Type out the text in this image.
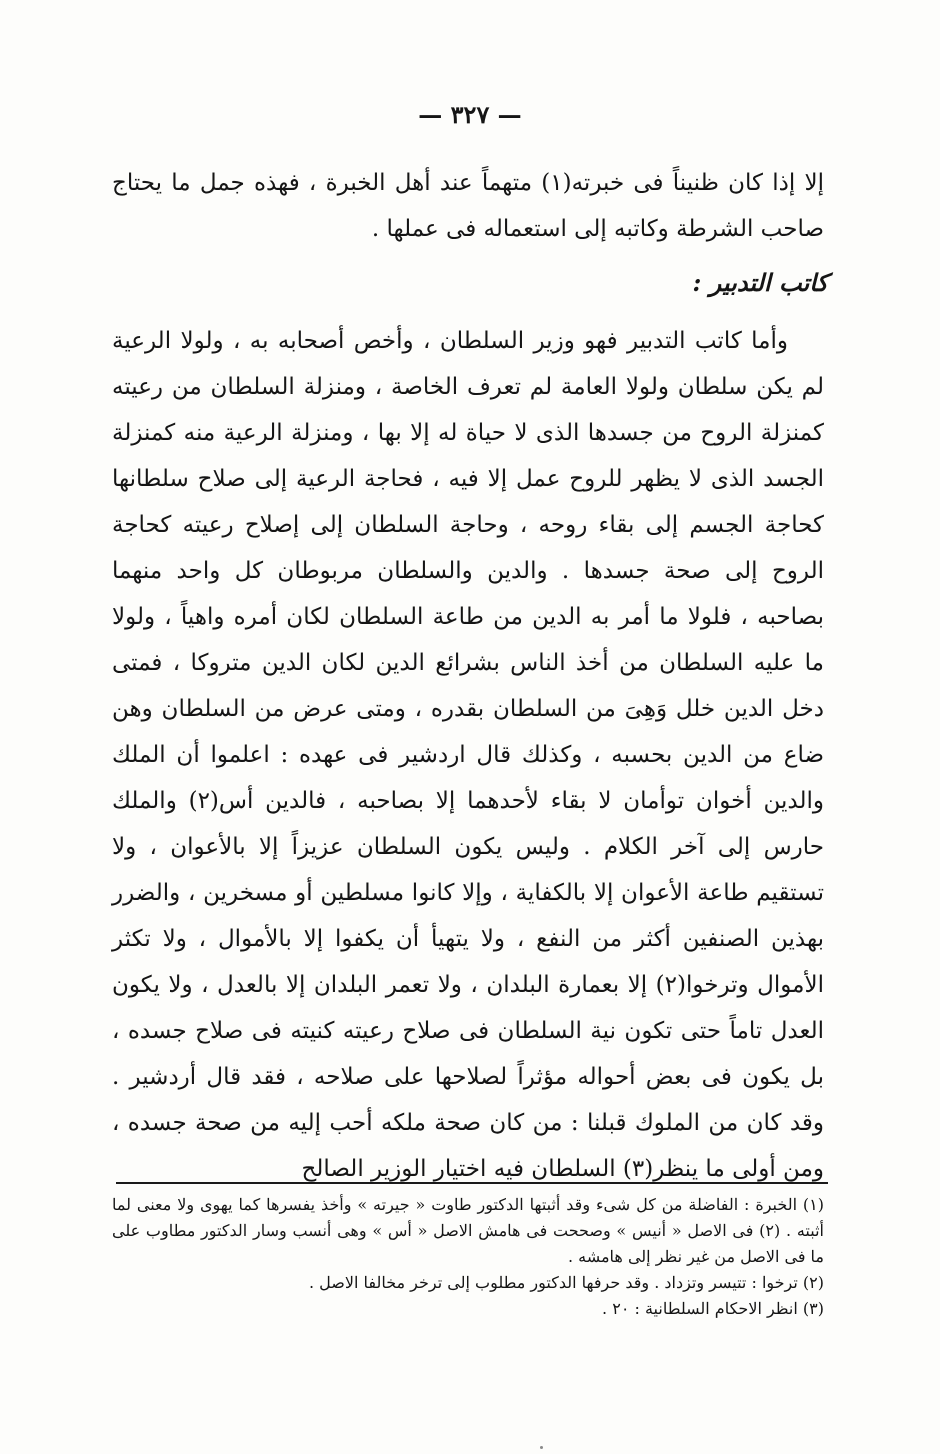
— ٣٢٧ —

إلا إذا كان ظنيناً فى خبرته(١) متهماً عند أهل الخبرة ، فهذه جمل ما يحتاج صاحب الشرطة وكاتبه إلى استعماله فى عملها .

كاتب التدبير :

وأما كاتب التدبير فهو وزير السلطان ، وأخص أصحابه به ، ولولا الرعية لم يكن سلطان ولولا العامة لم تعرف الخاصة ، ومنزلة السلطان من رعيته كمنزلة الروح من جسدها الذى لا حياة له إلا بها ، ومنزلة الرعية منه كمنزلة الجسد الذى لا يظهر للروح عمل إلا فيه ، فحاجة الرعية إلى صلاح سلطانها كحاجة الجسم إلى بقاء روحه ، وحاجة السلطان إلى إصلاح رعيته كحاجة الروح إلى صحة جسدها . والدين والسلطان مربوطان كل واحد منهما بصاحبه ، فلولا ما أمر به الدين من طاعة السلطان لكان أمره واهياً ، ولولا ما عليه السلطان من أخذ الناس بشرائع الدين لكان الدين متروكا ، فمتى دخل الدين خلل وَهِىَ من السلطان بقدره ، ومتى عرض من السلطان وهن ضاع من الدين بحسبه ، وكذلك قال اردشير فى عهده : اعلموا أن الملك والدين أخوان توأمان لا بقاء لأحدهما إلا بصاحبه ، فالدين أس(٢) والملك حارس إلى آخر الكلام . وليس يكون السلطان عزيزاً إلا بالأعوان ، ولا تستقيم طاعة الأعوان إلا بالكفاية ، وإلا كانوا مسلطين أو مسخرين ، والضرر بهذين الصنفين أكثر من النفع ، ولا يتهيأ أن يكفوا إلا بالأموال ، ولا تكثر الأموال وترخوا(٢) إلا بعمارة البلدان ، ولا تعمر البلدان إلا بالعدل ، ولا يكون العدل تاماً حتى تكون نية السلطان فى صلاح رعيته كنيته فى صلاح جسده ، بل يكون فى بعض أحواله مؤثراً لصلاحها على صلاحه ، فقد قال أردشير . وقد كان من الملوك قبلنا : من كان صحة ملكه أحب إليه من صحة جسده ، ومن أولى ما ينظر(٣) السلطان فيه اختيار الوزير الصالح

(١) الخبرة : الفاضلة من كل شىء وقد أثبتها الدكتور طاوت « جيرته » وأخذ يفسرها كما يهوى ولا معنى لما أثبته . (٢) فى الاصل « أنيس » وصححت فى هامش الاصل « أس » وهى أنسب وسار الدكتور مطاوب على ما فى الاصل من غير نظر إلى هامشه .

(٢) ترخوا : تتيسر وتزداد . وقد حرفها الدكتور مطلوب إلى ترخر مخالفا الاصل .

(٣) انظر الاحكام السلطانية : ٢٠ .
